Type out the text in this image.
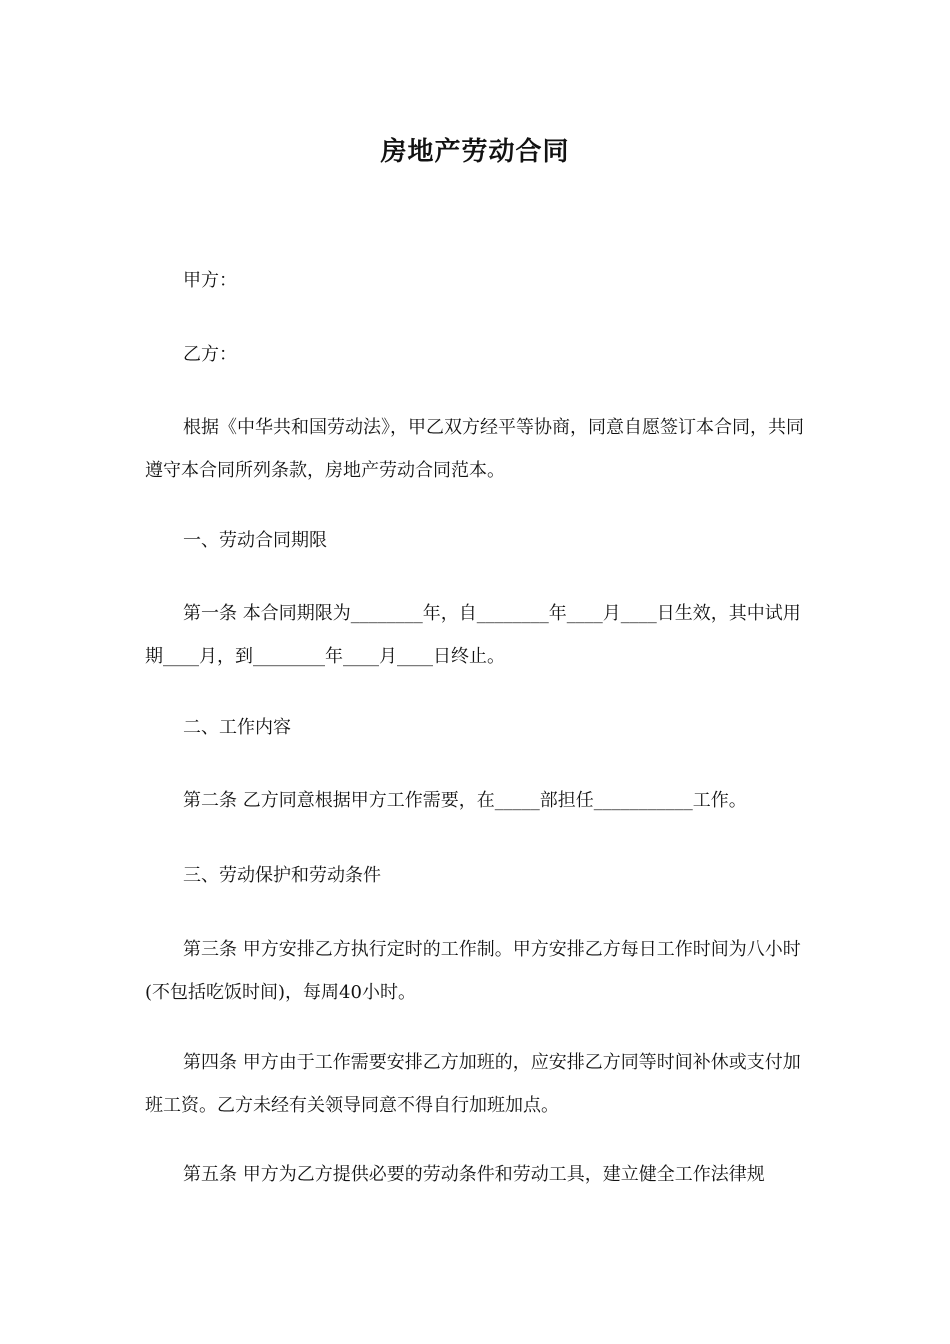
房地产劳动合同

甲方：

乙方：

根据《中华共和国劳动法》，甲乙双方经平等协商，同意自愿签订本合同，共同遵守本合同所列条款，房地产劳动合同范本。

一、劳动合同期限

第一条 本合同期限为________年，自________年____月____日生效，其中试用期____月，到________年____月____日终止。

二、工作内容

第二条 乙方同意根据甲方工作需要，在_____部担任___________工作。

三、劳动保护和劳动条件

第三条 甲方安排乙方执行定时的工作制。甲方安排乙方每日工作时间为八小时(不包括吃饭时间)，每周40小时。

第四条 甲方由于工作需要安排乙方加班的，应安排乙方同等时间补休或支付加班工资。乙方未经有关领导同意不得自行加班加点。

第五条 甲方为乙方提供必要的劳动条件和劳动工具，建立健全工作法律规
